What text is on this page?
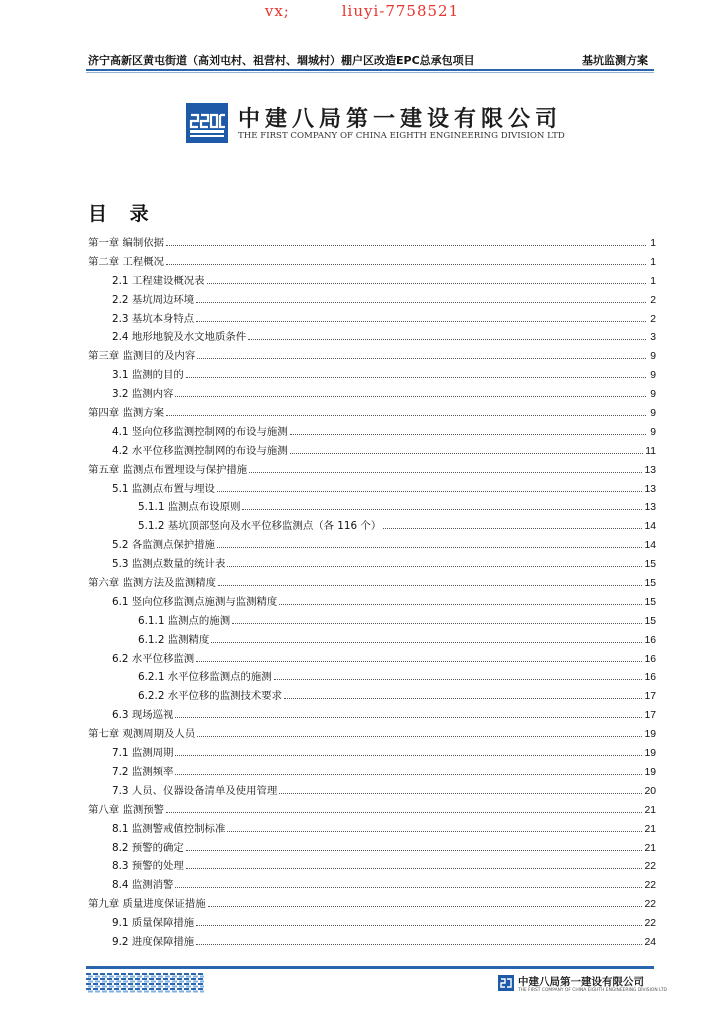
vx;         liuyi-7758521
济宁高新区黄屯街道（高刘屯村、祖营村、堌城村）棚户区改造EPC总承包项目	基坑监测方案
中建八局第一建设有限公司
THE FIRST COMPANY OF CHINA EIGHTH ENGINEERING DIVISION LTD
目 录
第一章 编制依据	1
第二章 工程概况	1
2.1 工程建设概况表	1
2.2 基坑周边环境	2
2.3 基坑本身特点	2
2.4 地形地貌及水文地质条件	3
第三章 监测目的及内容	9
3.1 监测的目的	9
3.2 监测内容	9
第四章 监测方案	9
4.1 竖向位移监测控制网的布设与施测	9
4.2 水平位移监测控制网的布设与施测	11
第五章 监测点布置埋设与保护措施	13
5.1 监测点布置与埋设	13
5.1.1 监测点布设原则	13
5.1.2 基坑顶部竖向及水平位移监测点（各 116 个）	14
5.2 各监测点保护措施	14
5.3 监测点数量的统计表	15
第六章 监测方法及监测精度	15
6.1 竖向位移监测点施测与监测精度	15
6.1.1 监测点的施测	15
6.1.2 监测精度	16
6.2 水平位移监测	16
6.2.1 水平位移监测点的施测	16
6.2.2 水平位移的监测技术要求	17
6.3 现场巡视	17
第七章 观测周期及人员	19
7.1 监测周期	19
7.2 监测频率	19
7.3 人员、仪器设备清单及使用管理	20
第八章 监测预警	21
8.1 监测警戒值控制标准	21
8.2 预警的确定	21
8.3 预警的处理	22
8.4 监测消警	22
第九章 质量进度保证措施	22
9.1 质量保障措施	22
9.2 进度保障措施	24
中建八局第一建设有限公司
THE FIRST COMPANY OF CHINA EIGHTH ENGINEERING DIVISION LTD
